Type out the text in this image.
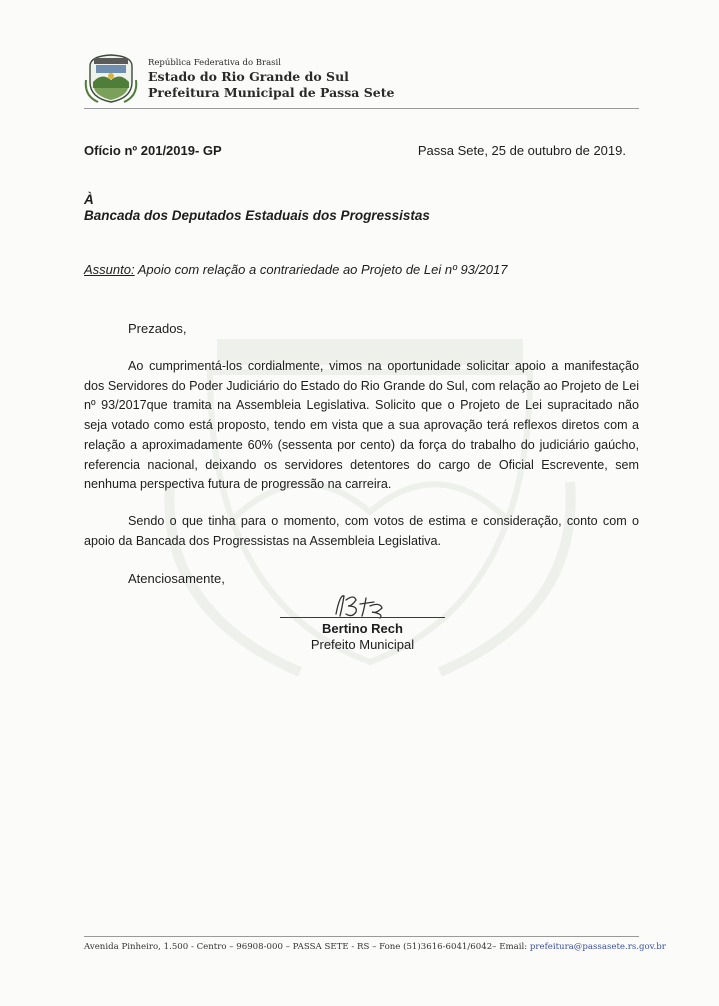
República Federativa do Brasil
Estado do Rio Grande do Sul
Prefeitura Municipal de Passa Sete
Ofício nº 201/2019- GP	Passa Sete, 25 de outubro de 2019.
À
Bancada dos Deputados Estaduais dos Progressistas
Assunto: Apoio com relação a contrariedade ao Projeto de Lei nº 93/2017
Prezados,

Ao cumprimentá-los cordialmente, vimos na oportunidade solicitar apoio a manifestação dos Servidores do Poder Judiciário do Estado do Rio Grande do Sul, com relação ao Projeto de Lei nº 93/2017que tramita na Assembleia Legislativa. Solicito que o Projeto de Lei supracitado não seja votado como está proposto, tendo em vista que a sua aprovação terá reflexos diretos com a relação a aproximadamente 60% (sessenta por cento) da força do trabalho do judiciário gaúcho, referencia nacional, deixando os servidores detentores do cargo de Oficial Escrevente, sem nenhuma perspectiva futura de progressão na carreira.

Sendo o que tinha para o momento, com votos de estima e consideração, conto com o apoio da Bancada dos Progressistas na Assembleia Legislativa.

Atenciosamente,
Bertino Rech
Prefeito Municipal
Avenida Pinheiro, 1.500 - Centro – 96908-000 – PASSA SETE - RS – Fone (51)3616-6041/6042– Email: prefeitura@passasete.rs.gov.br
